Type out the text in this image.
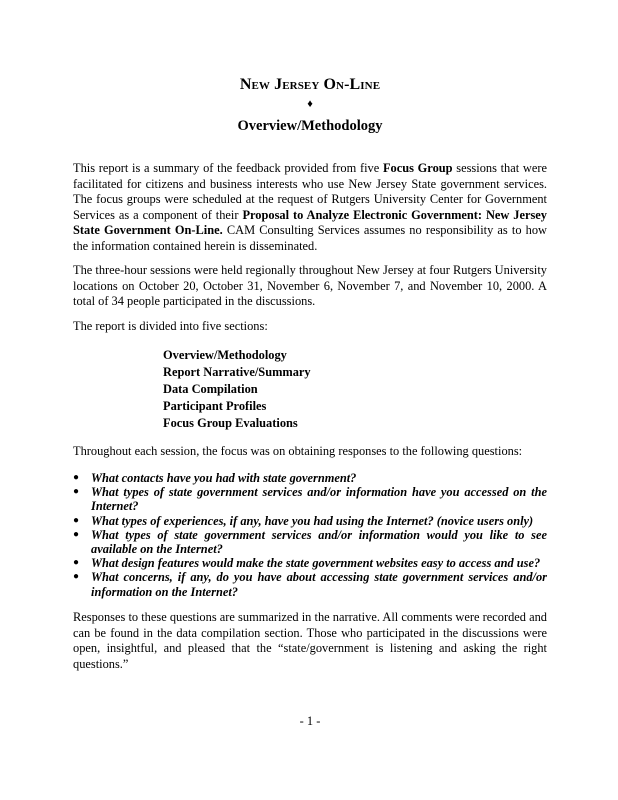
New Jersey On-Line
♦
Overview/Methodology

This report is a summary of the feedback provided from five Focus Group sessions that were facilitated for citizens and business interests who use New Jersey State government services. The focus groups were scheduled at the request of Rutgers University Center for Government Services as a component of their Proposal to Analyze Electronic Government: New Jersey State Government On-Line. CAM Consulting Services assumes no responsibility as to how the information contained herein is disseminated.

The three-hour sessions were held regionally throughout New Jersey at four Rutgers University locations on October 20, October 31, November 6, November 7, and November 10, 2000. A total of 34 people participated in the discussions.

The report is divided into five sections:

Overview/Methodology
Report Narrative/Summary
Data Compilation
Participant Profiles
Focus Group Evaluations

Throughout each session, the focus was on obtaining responses to the following questions:

● What contacts have you had with state government?
● What types of state government services and/or information have you accessed on the Internet?
● What types of experiences, if any, have you had using the Internet? (novice users only)
● What types of state government services and/or information would you like to see available on the Internet?
● What design features would make the state government websites easy to access and use?
● What concerns, if any, do you have about accessing state government services and/or information on the Internet?

Responses to these questions are summarized in the narrative. All comments were recorded and can be found in the data compilation section. Those who participated in the discussions were open, insightful, and pleased that the “state/government is listening and asking the right questions.”

- 1 -
